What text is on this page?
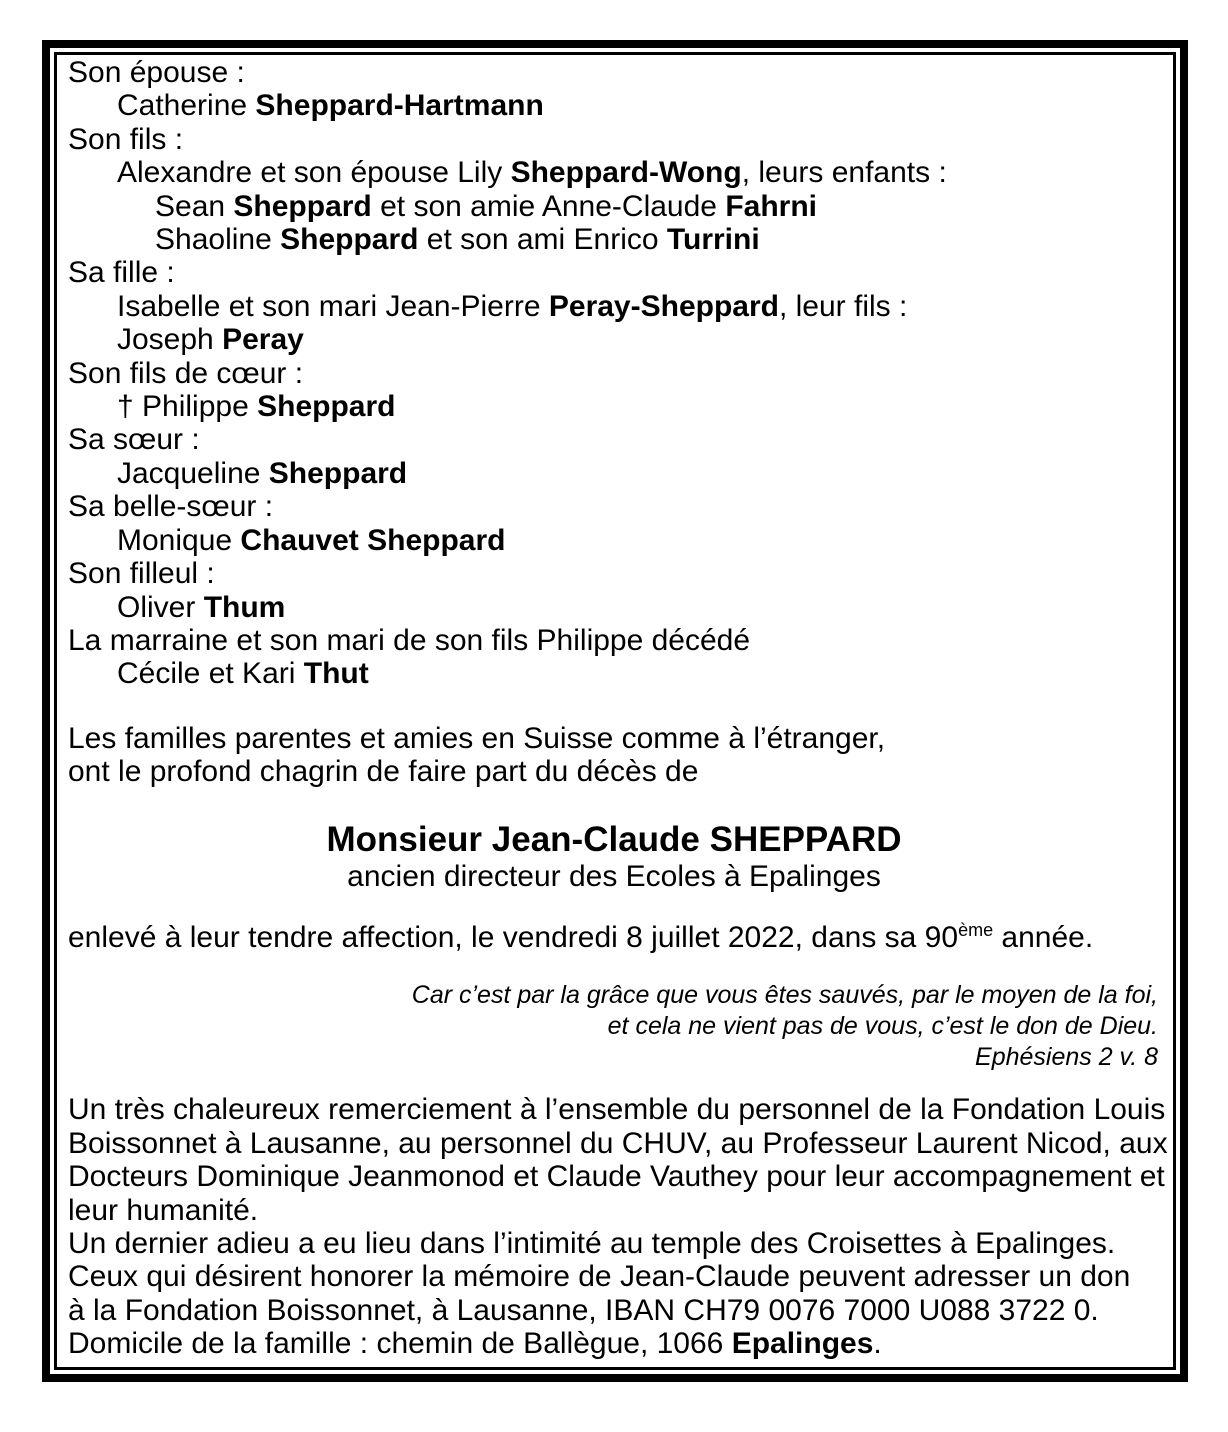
Son épouse :
Catherine Sheppard-Hartmann
Son fils :
Alexandre et son épouse Lily Sheppard-Wong, leurs enfants :
Sean Sheppard et son amie Anne-Claude Fahrni
Shaoline Sheppard et son ami Enrico Turrini
Sa fille :
Isabelle et son mari Jean-Pierre Peray-Sheppard, leur fils :
Joseph Peray
Son fils de cœur :
† Philippe Sheppard
Sa sœur :
Jacqueline Sheppard
Sa belle-sœur :
Monique Chauvet Sheppard
Son filleul :
Oliver Thum
La marraine et son mari de son fils Philippe décédé
Cécile et Kari Thut
Les familles parentes et amies en Suisse comme à l’étranger,
ont le profond chagrin de faire part du décès de
Monsieur Jean-Claude SHEPPARD
ancien directeur des Ecoles à Epalinges
enlevé à leur tendre affection, le vendredi 8 juillet 2022, dans sa 90ème année.
Car c’est par la grâce que vous êtes sauvés, par le moyen de la foi,
et cela ne vient pas de vous, c’est le don de Dieu.
Ephésiens 2 v. 8
Un très chaleureux remerciement à l’ensemble du personnel de la Fondation Louis
Boissonnet à Lausanne, au personnel du CHUV, au Professeur Laurent Nicod, aux
Docteurs Dominique Jeanmonod et Claude Vauthey pour leur accompagnement et
leur humanité.
Un dernier adieu a eu lieu dans l’intimité au temple des Croisettes à Epalinges.
Ceux qui désirent honorer la mémoire de Jean-Claude peuvent adresser un don
à la Fondation Boissonnet, à Lausanne, IBAN CH79 0076 7000 U088 3722 0.
Domicile de la famille : chemin de Ballègue, 1066 Epalinges.
